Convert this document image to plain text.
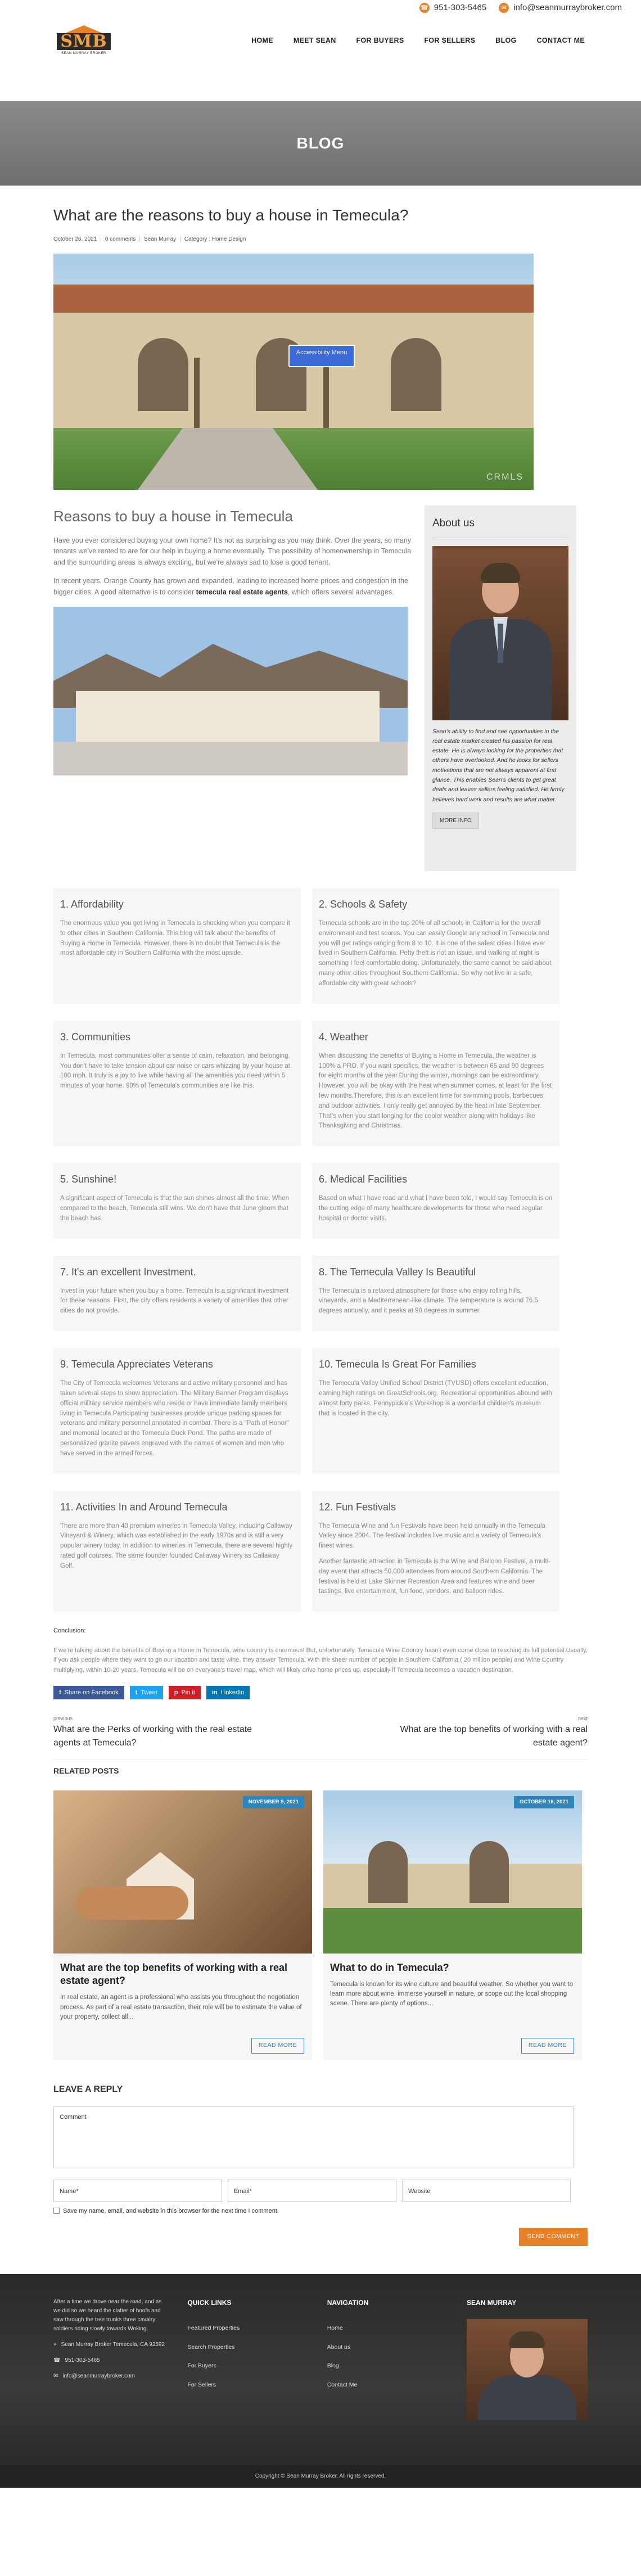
☎ 951-303-5465	✉ info@seanmurraybroker.com
SMB
SEAN MURRAY BROKER
HOME	MEET SEAN	FOR BUYERS	FOR SELLERS	BLOG	CONTACT ME
BLOG
What are the reasons to buy a house in Temecula?
October 26, 2021 | 0 comments | Sean Murray | Category : Home Design
CRMLS
Accessibility Menu
Reasons to buy a house in Temecula

Have you ever considered buying your own home? It's not as surprising as you may think. Over the years, so many tenants we've rented to are for our help in buying a home eventually. The possibility of homeownership in Temecula and the surrounding areas is always exciting, but we're always sad to lose a good tenant.

In recent years, Orange County has grown and expanded, leading to increased home prices and congestion in the bigger cities. A good alternative is to consider temecula real estate agents, which offers several advantages.

About us
Sean's ability to find and see opportunities in the real estate market created his passion for real estate. He is always looking for the properties that others have overlooked. And he looks for sellers motivations that are not always apparent at first glance. This enables Sean's clients to get great deals and leaves sellers feeling satisfied. He firmly believes hard work and results are what matter.
MORE INFO
1. Affordability

The enormous value you get living in Temecula is shocking when you compare it to other cities in Southern California. This blog will talk about the benefits of Buying a Home in Temecula. However, there is no doubt that Temecula is the most affordable city in Southern California with the most upside.

2. Schools & Safety

Temecula schools are in the top 20% of all schools in California for the overall environment and test scores. You can easily Google any school in Temecula and you will get ratings ranging from 8 to 10. It is one of the safest cities I have ever lived in Southern California. Petty theft is not an issue, and walking at night is something I feel comfortable doing. Unfortunately, the same cannot be said about many other cities throughout Southern California. So why not live in a safe, affordable city with great schools?

3. Communities

In Temecula, most communities offer a sense of calm, relaxation, and belonging. You don't have to take tension about car noise or cars whizzing by your house at 100 mph. It truly is a joy to live while having all the amenities you need within 5 minutes of your home. 90% of Temecula's communities are like this.

4. Weather

When discussing the benefits of Buying a Home in Temecula, the weather is 100% a PRO. If you want specifics, the weather is between 65 and 90 degrees for eight months of the year.During the winter, mornings can be extraordinary. However, you will be okay with the heat when summer comes, at least for the first few months.Therefore, this is an excellent time for swimming pools, barbecues, and outdoor activities. I only really get annoyed by the heat in late September. That's when you start longing for the cooler weather along with holidays like Thanksgiving and Christmas.

5. Sunshine!

A significant aspect of Temecula is that the sun shines almost all the time. When compared to the beach, Temecula still wins. We don't have that June gloom that the beach has.

6. Medical Facilities

Based on what I have read and what I have been told, I would say Temecula is on the cutting edge of many healthcare developments for those who need regular hospital or doctor visits.

7. It's an excellent Investment.

Invest in your future when you buy a home. Temecula is a significant investment for these reasons. First, the city offers residents a variety of amenities that other cities do not provide.

8. The Temecula Valley Is Beautiful

The Temecula is a relaxed atmosphere for those who enjoy rolling hills, vineyards, and a Mediterranean-like climate. The temperature is around 76.5 degrees annually, and it peaks at 90 degrees in summer.

9. Temecula Appreciates Veterans

The City of Temecula welcomes Veterans and active military personnel and has taken several steps to show appreciation. The Military Banner Program displays official military service members who reside or have immediate family members living in Temecula.Participating businesses provide unique parking spaces for veterans and military personnel annotated in combat. There is a "Path of Honor" and memorial located at the Temecula Duck Pond. The paths are made of personalized granite pavers engraved with the names of women and men who have served in the armed forces.

10. Temecula Is Great For Families

The Temecula Valley Unified School District (TVUSD) offers excellent education, earning high ratings on GreatSchools.org. Recreational opportunities abound with almost forty parks. Pennypickle's Workshop is a wonderful children's museum that is located in the city.

11. Activities In and Around Temecula

There are more than 40 premium wineries in Temecula Valley, including Callaway Vineyard & Winery, which was established in the early 1970s and is still a very popular winery today. In addition to wineries in Temecula, there are several highly rated golf courses. The same founder founded Callaway Winery as Callaway Golf.

12. Fun Festivals

The Temecula Wine and fun Festivals have been held annually in the Temecula Valley since 2004. The festival includes live music and a variety of Temecula's finest wines.

Another fantastic attraction in Temecula is the Wine and Balloon Festival, a multi-day event that attracts 50,000 attendees from around Southern California. The festival is held at Lake Skinner Recreation Area and features wine and beer tastings, live entertainment, fun food, vendors, and balloon rides.

Conclusion:
If we're talking about the benefits of Buying a Home in Temecula, wine country is enormous! But, unfortunately, Temecula Wine Country hasn't even come close to reaching its full potential.Usually, if you ask people where they want to go our vacation and taste wine, they answer Temecula. With the sheer number of people in Southern California ( 20 million people) and Wine Country multiplying, within 10-20 years, Temecula will be on everyone's travel map, which will likely drive home prices up, especially if Temecula becomes a vacation destination.
f Share on Facebook	t Tweet	p Pin it	in LinkedIn
previous
What are the Perks of working with the real estate agents at Temecula?
next
What are the top benefits of working with a real estate agent?
RELATED POSTS
NOVEMBER 9, 2021
What are the top benefits of working with a real estate agent?
In real estate, an agent is a professional who assists you throughout the negotiation process. As part of a real estate transaction, their role will be to estimate the value of your property, collect all...
READ MORE
OCTOBER 16, 2021
What to do in Temecula?
Temecula is known for its wine culture and beautiful weather. So whether you want to learn more about wine, immerse yourself in nature, or scope out the local shopping scene. There are plenty of options...
READ MORE
LEAVE A REPLY
Comment
Name*	Email*	Website
Save my name, email, and website in this browser for the next time I comment.
SEND COMMENT
After a time we drove near the road, and as we did so we heard the clatter of hoofs and saw through the tree trunks three cavalry soldiers riding slowly towards Woking.
⌖ Sean Murray Broker Temecula, CA 92592
☎ 951-303-5465
✉ info@seanmurraybroker.com
QUICK LINKS
Featured Properties
Search Properties
For Buyers
For Sellers
NAVIGATION
Home
About us
Blog
Contact Me
SEAN MURRAY
Copyright © Sean Murray Broker. All rights reserved.
